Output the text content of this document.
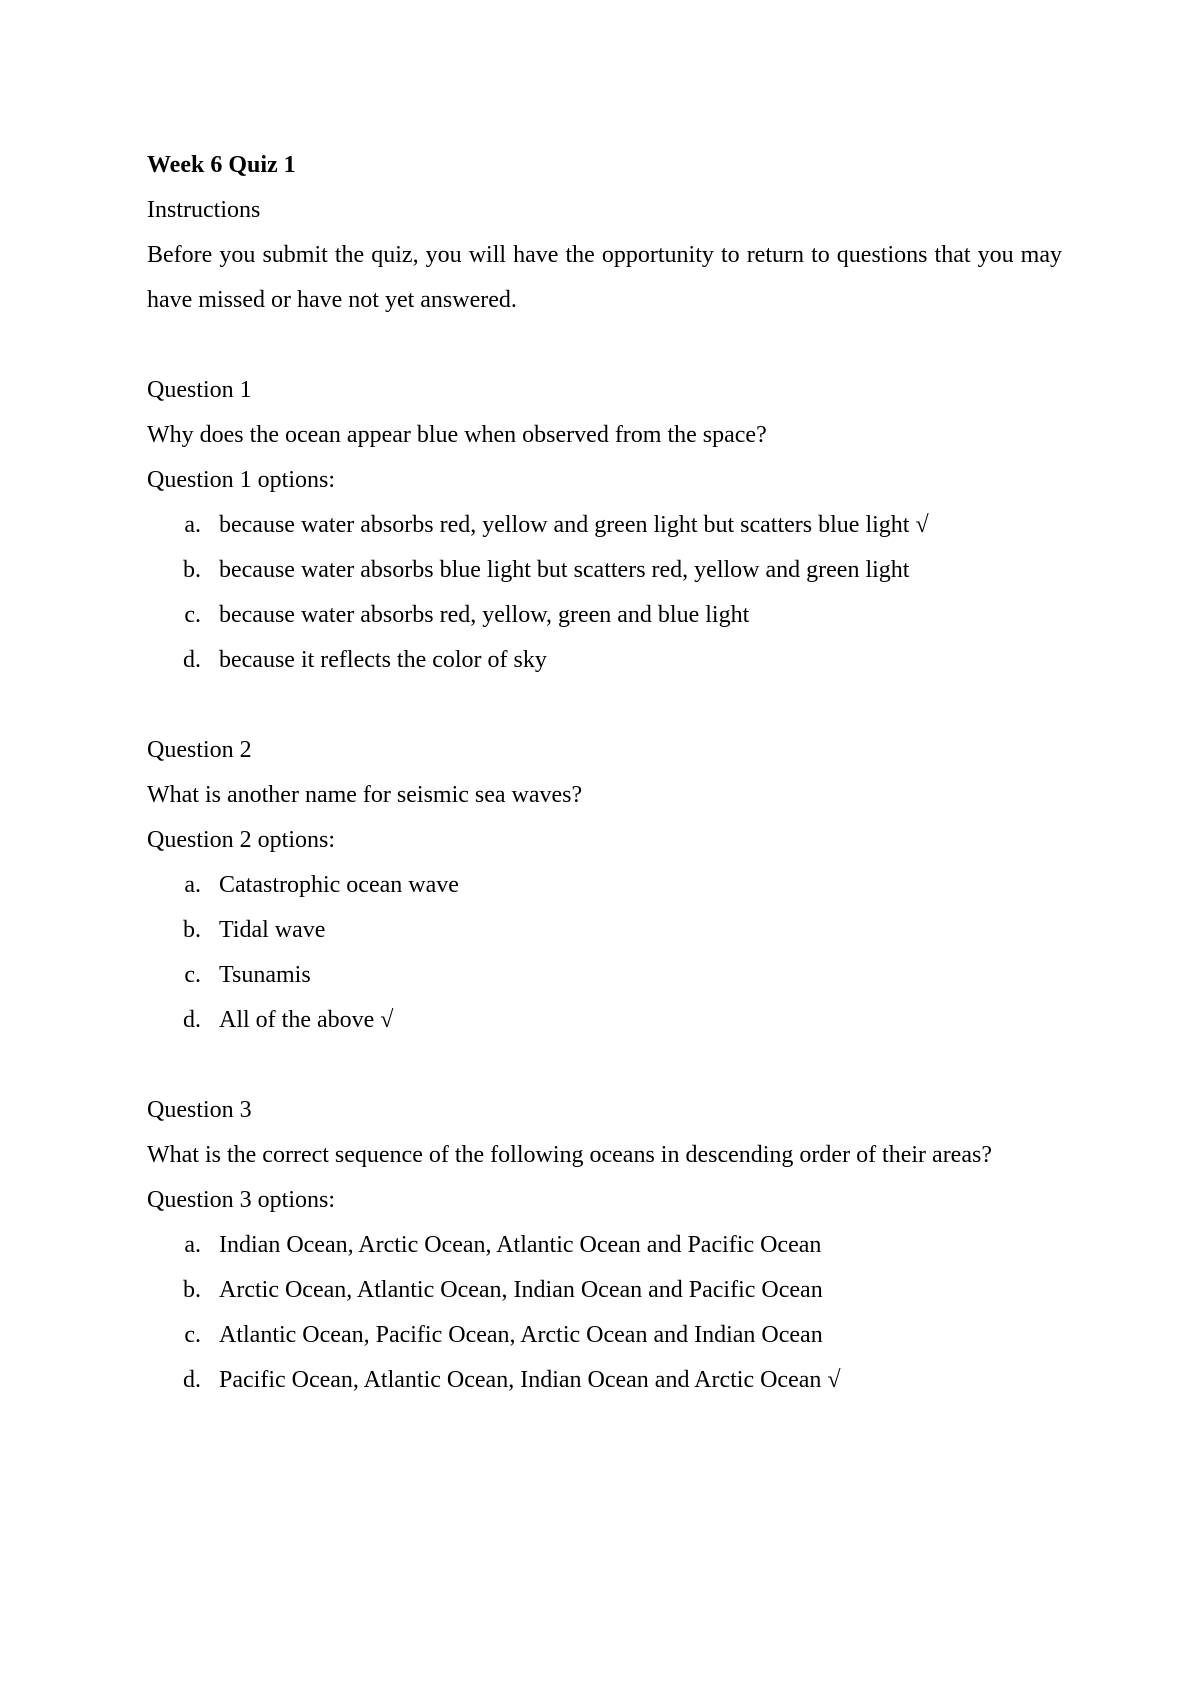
Week 6 Quiz 1

Instructions

Before you submit the quiz, you will have the opportunity to return to questions that you may have missed or have not yet answered.

Question 1

Why does the ocean appear blue when observed from the space?

Question 1 options:

a. because water absorbs red, yellow and green light but scatters blue light √
b. because water absorbs blue light but scatters red, yellow and green light
c. because water absorbs red, yellow, green and blue light
d. because it reflects the color of sky

Question 2

What is another name for seismic sea waves?

Question 2 options:

a. Catastrophic ocean wave
b. Tidal wave
c. Tsunamis
d. All of the above √

Question 3

What is the correct sequence of the following oceans in descending order of their areas?

Question 3 options:

a. Indian Ocean, Arctic Ocean, Atlantic Ocean and Pacific Ocean
b. Arctic Ocean, Atlantic Ocean, Indian Ocean and Pacific Ocean
c. Atlantic Ocean, Pacific Ocean, Arctic Ocean and Indian Ocean
d. Pacific Ocean, Atlantic Ocean, Indian Ocean and Arctic Ocean √
